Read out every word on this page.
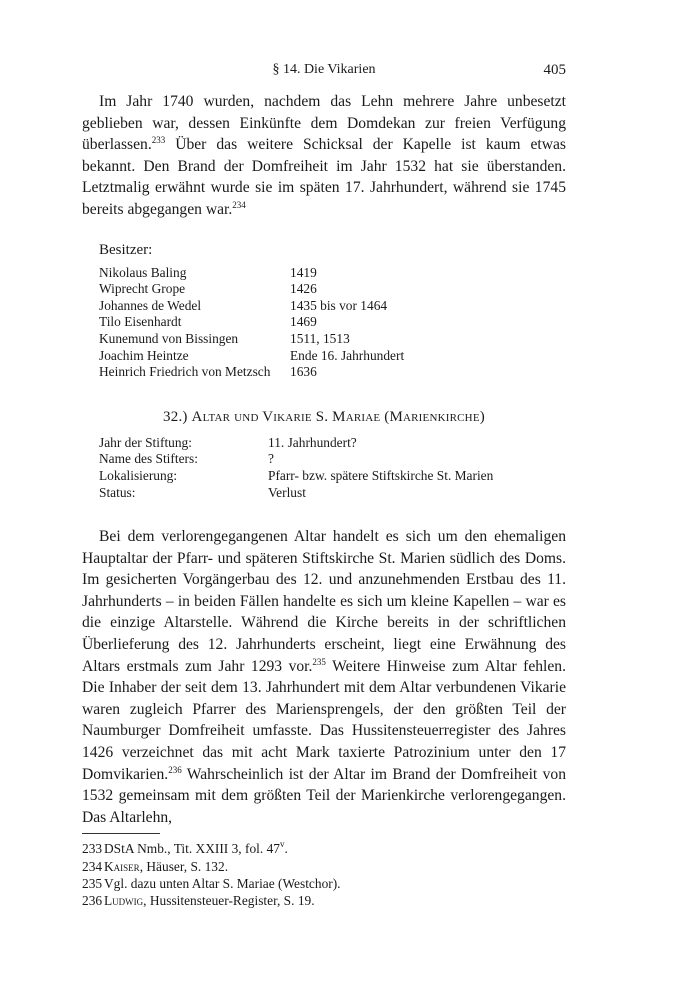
§ 14. Die Vikarien	405

Im Jahr 1740 wurden, nachdem das Lehn mehrere Jahre unbesetzt geblieben war, dessen Einkünfte dem Domdekan zur freien Verfügung überlassen.$^{233}$ Über das weitere Schicksal der Kapelle ist kaum etwas bekannt. Den Brand der Domfreiheit im Jahr 1532 hat sie überstanden. Letztmalig erwähnt wurde sie im späten 17. Jahrhundert, während sie 1745 bereits abgegangen war.$^{234}$

Besitzer:
Nikolaus Baling	1419
Wiprecht Grope	1426
Johannes de Wedel	1435 bis vor 1464
Tilo Eisenhardt	1469
Kunemund von Bissingen	1511, 1513
Joachim Heintze	Ende 16. Jahrhundert
Heinrich Friedrich von Metzsch	1636
32.) Altar und Vikarie S. Mariae (Marienkirche)
Jahr der Stiftung:	11. Jahrhundert?
Name des Stifters:	?
Lokalisierung:	Pfarr- bzw. spätere Stiftskirche St. Marien
Status:	Verlust

Bei dem verlorengegangenen Altar handelt es sich um den ehemaligen Hauptaltar der Pfarr- und späteren Stiftskirche St. Marien südlich des Doms. Im gesicherten Vorgängerbau des 12. und anzunehmenden Erstbau des 11. Jahrhunderts – in beiden Fällen handelte es sich um kleine Kapellen – war es die einzige Altarstelle. Während die Kirche bereits in der schriftlichen Überlieferung des 12. Jahrhunderts erscheint, liegt eine Erwähnung des Altars erstmals zum Jahr 1293 vor.$^{235}$ Weitere Hinweise zum Altar fehlen. Die Inhaber der seit dem 13. Jahrhundert mit dem Altar verbundenen Vikarie waren zugleich Pfarrer des Mariensprengels, der den größten Teil der Naumburger Domfreiheit umfasste. Das Hussitensteuerregister des Jahres 1426 verzeichnet das mit acht Mark taxierte Patrozinium unter den 17 Domvikarien.$^{236}$ Wahrscheinlich ist der Altar im Brand der Domfreiheit von 1532 gemeinsam mit dem größten Teil der Marienkirche verlorengegangen. Das Altarlehn,

233 DStA Nmb., Tit. XXIII 3, fol. 47$^v$.
234 Kaiser, Häuser, S. 132.
235 Vgl. dazu unten Altar S. Mariae (Westchor).
236 Ludwig, Hussitensteuer-Register, S. 19.
